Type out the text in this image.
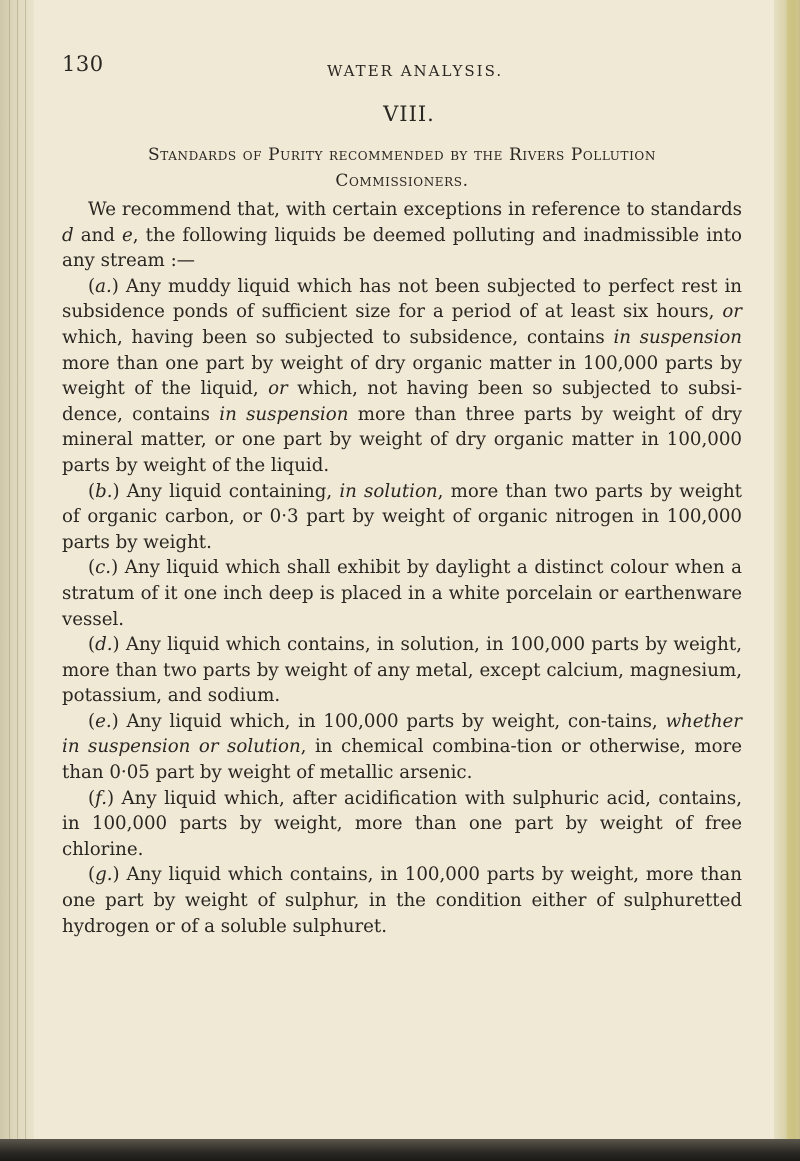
130	WATER ANALYSIS.
VIII.
Standards of Purity recommended by the Rivers Pollution
Commissioners.

We recommend that, with certain exceptions in reference to standards d and e, the following liquids be deemed polluting and inadmissible into any stream :—

(a.) Any muddy liquid which has not been subjected to perfect rest in subsidence ponds of sufficient size for a period of at least six hours, or which, having been so subjected to subsidence, contains in suspension more than one part by weight of dry organic matter in 100,000 parts by weight of the liquid, or which, not having been so subjected to subsi-dence, contains in suspension more than three parts by weight of dry mineral matter, or one part by weight of dry organic matter in 100,000 parts by weight of the liquid.

(b.) Any liquid containing, in solution, more than two parts by weight of organic carbon, or 0·3 part by weight of organic nitrogen in 100,000 parts by weight.

(c.) Any liquid which shall exhibit by daylight a distinct colour when a stratum of it one inch deep is placed in a white porcelain or earthenware vessel.

(d.) Any liquid which contains, in solution, in 100,000 parts by weight, more than two parts by weight of any metal, except calcium, magnesium, potassium, and sodium.

(e.) Any liquid which, in 100,000 parts by weight, con-tains, whether in suspension or solution, in chemical combina-tion or otherwise, more than 0·05 part by weight of metallic arsenic.

(f.) Any liquid which, after acidification with sulphuric acid, contains, in 100,000 parts by weight, more than one part by weight of free chlorine.

(g.) Any liquid which contains, in 100,000 parts by weight, more than one part by weight of sulphur, in the condition either of sulphuretted hydrogen or of a soluble sulphuret.
